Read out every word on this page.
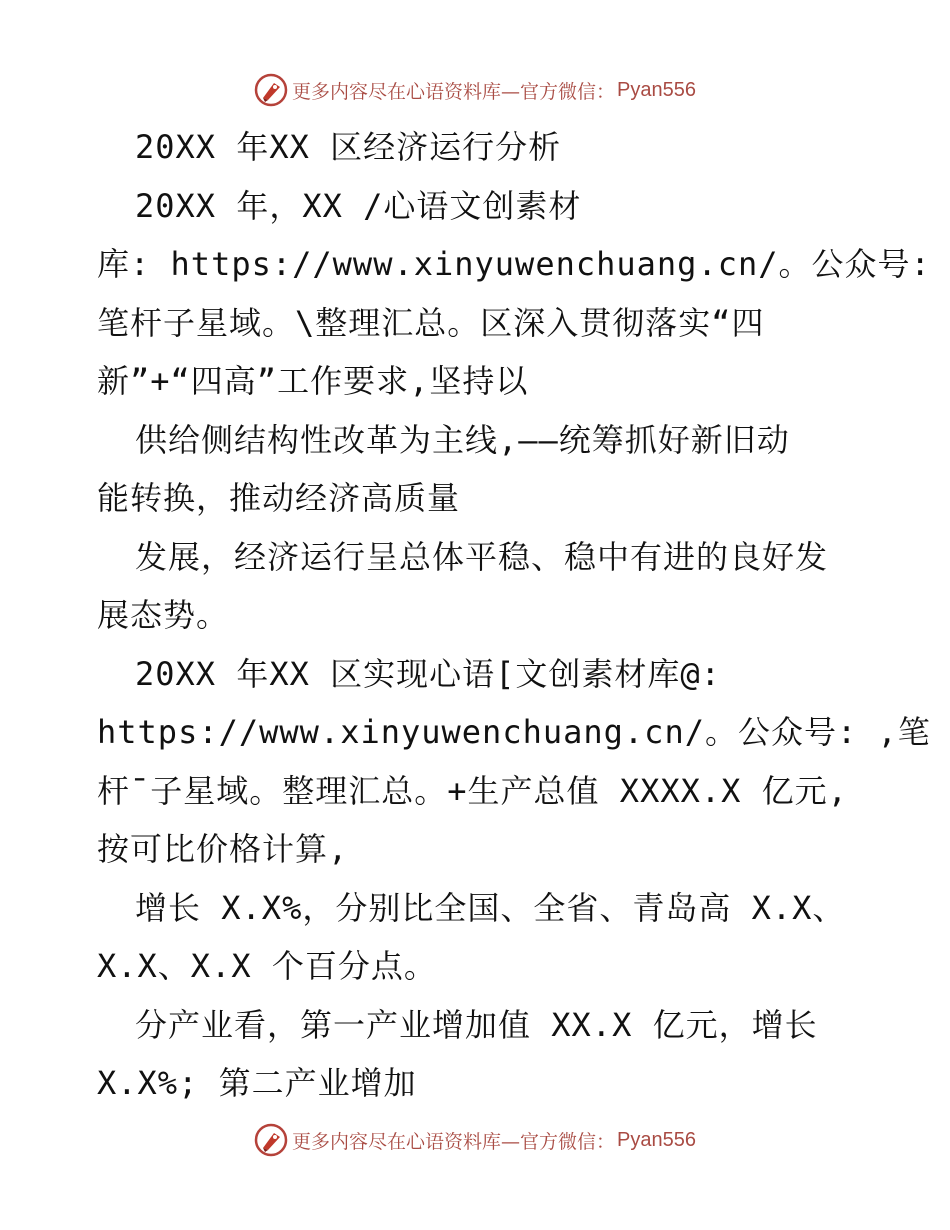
更多内容尽在心语资料库—官方微信： Pyan556
20XX 年XX 区经济运行分析
20XX 年，XX /心语文创素材
库: https://www.xinyuwenchuang.cn/。公众号:
笔杆子星域。\整理汇总。区深入贯彻落实“四
新”+“四高”工作要求,坚持以
供给侧结构性改革为主线,——统筹抓好新旧动
能转换，推动经济高质量
发展，经济运行呈总体平稳、稳中有进的良好发
展态势。
20XX 年XX 区实现心语[文创素材库@:
https://www.xinyuwenchuang.cn/。公众号: ,笔
杆¯子星域。整理汇总。+生产总值 XXXX.X 亿元,
按可比价格计算,
增长 X.X%，分别比全国、全省、青岛高 X.X、
X.X、X.X 个百分点。
分产业看，第一产业增加值 XX.X 亿元，增长
X.X%; 第二产业增加
更多内容尽在心语资料库—官方微信： Pyan556
